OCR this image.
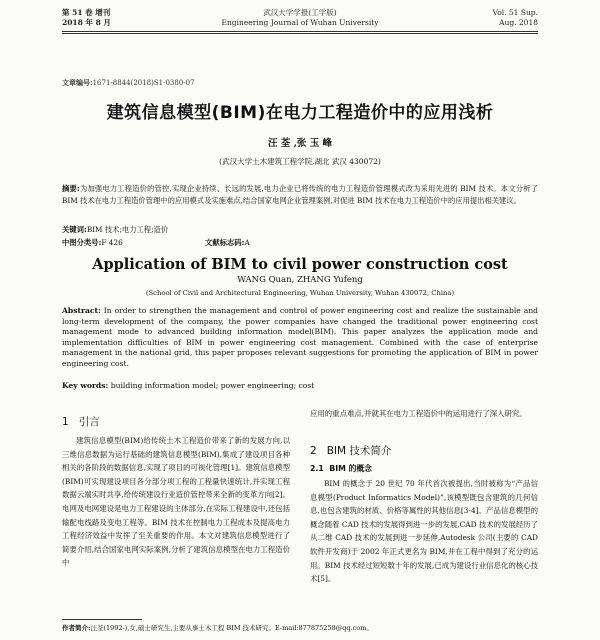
第 51 卷 增刊
2018 年 8 月
武汉大学学报(工学版)
Engineering Journal of Wuhan University
Vol. 51 Sup.
Aug. 2018
文章编号:1671-8844(2018)S1-0380-07
建筑信息模型(BIM)在电力工程造价中的应用浅析
汪 荃 ,张 玉 峰
(武汉大学土木建筑工程学院,湖北 武汉 430072)
摘要:为加强电力工程造价的管控,实现企业持续、长远的发展,电力企业已将传统的电力工程造价管理模式改为采用先进的 BIM 技术。本文分析了 BIM 技术在电力工程造价管理中的应用模式及实施难点,结合国家电网企业管理案例,对促进 BIM 技术在电力工程造价中的应用提出相关建议。
关键词:BIM 技术;电力工程;造价
中图分类号:F 426	文献标志码:A
Application of BIM to civil power construction cost
WANG Quan, ZHANG Yufeng
(School of Civil and Architectural Engineering, Wuhan University, Wuhan 430072, China)
Abstract: In order to strengthen the management and control of power engineering cost and realize the sustainable and long-term development of the company, the power companies have changed the traditional power engineering cost management mode to advanced building information model(BIM). This paper analyzes the application mode and implementation difficulties of BIM in power engineering cost management. Combined with the case of enterprise management in the national grid, this paper proposes relevant suggestions for promoting the application of BIM in power engineering cost.
Key words: building information model; power engineering; cost
1 引言
建筑信息模型(BIM)给传统土木工程造价带来了新的发展方向,以三维信息数据为运行基础的建筑信息模型(BIM),集成了建设项目各种相关的各阶段的数据信息,实现了项目的可视化管理[1]。建筑信息模型(BIM)可实现建设项目各分部分项工程的工程量快速统计,并实现工程数据云端实时共享,给传统建设行业造价管控带来全新的变革方向[2]。电网及电网建设是电力工程建设的主体部分,在实际工程建设中,还包括输配电线路及变电工程等。BIM 技术在控制电力工程成本及提高电力工程经济效益中发挥了至关重要的作用。本文对建筑信息模型进行了简要介绍,结合国家电网实际案例,分析了建筑信息模型在电力工程造价中
应用的重点难点,并就其在电力工程造价中的运用进行了深入研究。
2 BIM 技术简介
2.1 BIM 的概念
BIM 的概念于 20 世纪 70 年代首次被提出,当时被称为“产品信息模型(Product Informatics Model)”,该模型既包含建筑的几何信息,也包含建筑的材质、价格等属性的其他信息[3-4]。产品信息模型的概念随着 CAD 技术的发展得到进一步的发展,CAD 技术的发展经历了从二维 CAD 技术的发展到进一步延伸,Autodesk 公司(主要的 CAD 软件开发商)于 2002 年正式更名为 BIM,并在工程中得到了充分的运用。BIM 技术经过短短数十年的发展,已成为建设行业信息化的核心技术[5]。
作者简介:汪荃(1992-),女,硕士研究生,主要从事土木工程 BIM 技术研究。E-mail:877875258@qq.com。
